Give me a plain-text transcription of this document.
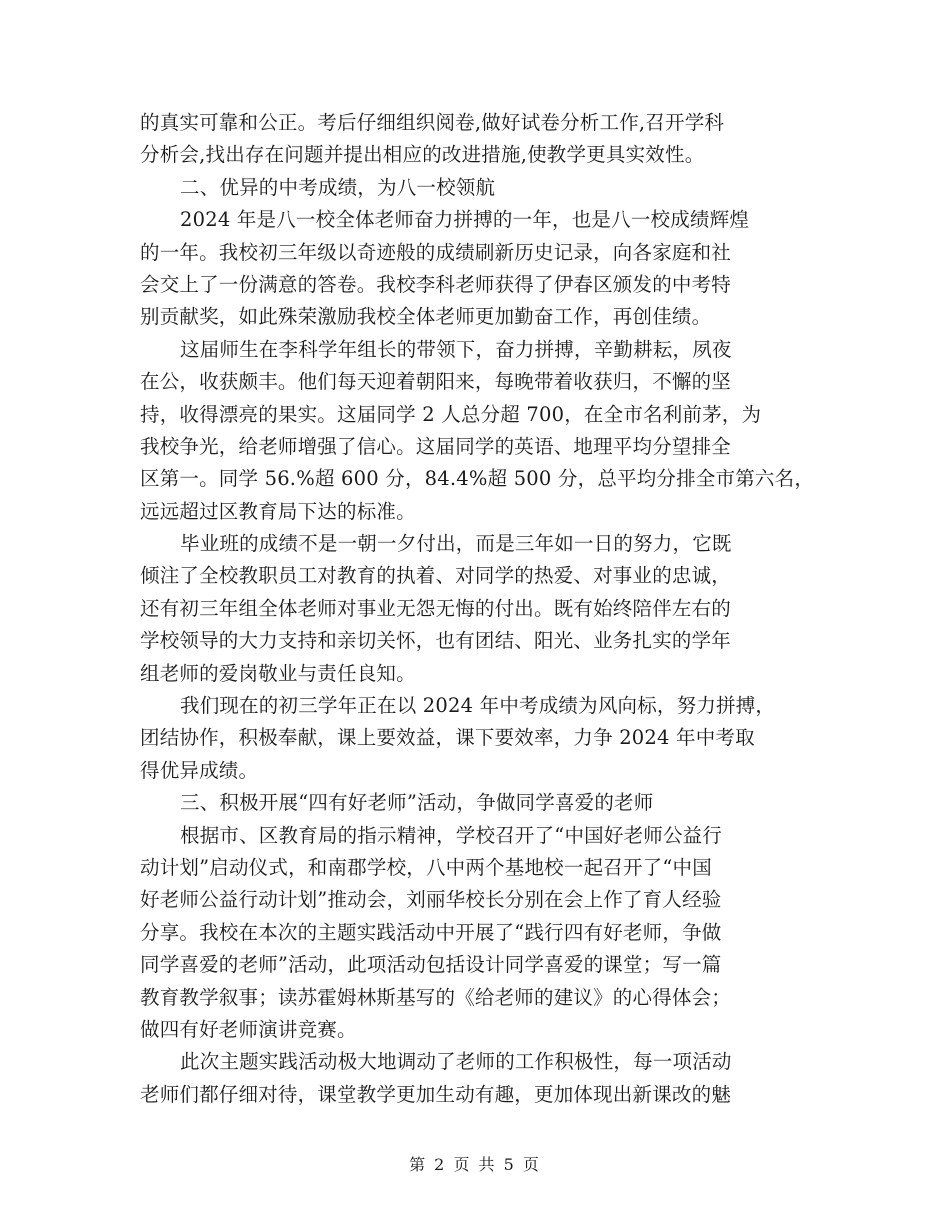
的真实可靠和公正。考后仔细组织阅卷,做好试卷分析工作,召开学科
分析会,找出存在问题并提出相应的改进措施,使教学更具实效性。
二、优异的中考成绩，为八一校领航
2024 年是八一校全体老师奋力拼搏的一年，也是八一校成绩辉煌
的一年。我校初三年级以奇迹般的成绩刷新历史记录，向各家庭和社
会交上了一份满意的答卷。我校李科老师获得了伊春区颁发的中考特
别贡献奖，如此殊荣激励我校全体老师更加勤奋工作，再创佳绩。
这届师生在李科学年组长的带领下，奋力拼搏，辛勤耕耘，夙夜
在公，收获颇丰。他们每天迎着朝阳来，每晚带着收获归，不懈的坚
持，收得漂亮的果实。这届同学 2 人总分超 700，在全市名利前茅，为
我校争光，给老师增强了信心。这届同学的英语、地理平均分望排全
区第一。同学 56.%超 600 分，84.4%超 500 分，总平均分排全市第六名，
远远超过区教育局下达的标准。
毕业班的成绩不是一朝一夕付出，而是三年如一日的努力，它既
倾注了全校教职员工对教育的执着、对同学的热爱、对事业的忠诚，
还有初三年组全体老师对事业无怨无悔的付出。既有始终陪伴左右的
学校领导的大力支持和亲切关怀，也有团结、阳光、业务扎实的学年
组老师的爱岗敬业与责任良知。
我们现在的初三学年正在以 2024 年中考成绩为风向标，努力拼搏，
团结协作，积极奉献，课上要效益，课下要效率，力争 2024 年中考取
得优异成绩。
三、积极开展“四有好老师”活动，争做同学喜爱的老师
根据市、区教育局的指示精神，学校召开了“中国好老师公益行
动计划”启动仪式，和南郡学校，八中两个基地校一起召开了“中国
好老师公益行动计划”推动会，刘丽华校长分别在会上作了育人经验
分享。我校在本次的主题实践活动中开展了“践行四有好老师，争做
同学喜爱的老师”活动，此项活动包括设计同学喜爱的课堂；写一篇
教育教学叙事；读苏霍姆林斯基写的《给老师的建议》的心得体会；
做四有好老师演讲竞赛。
此次主题实践活动极大地调动了老师的工作积极性，每一项活动
老师们都仔细对待，课堂教学更加生动有趣，更加体现出新课改的魅
第 2 页 共 5 页
